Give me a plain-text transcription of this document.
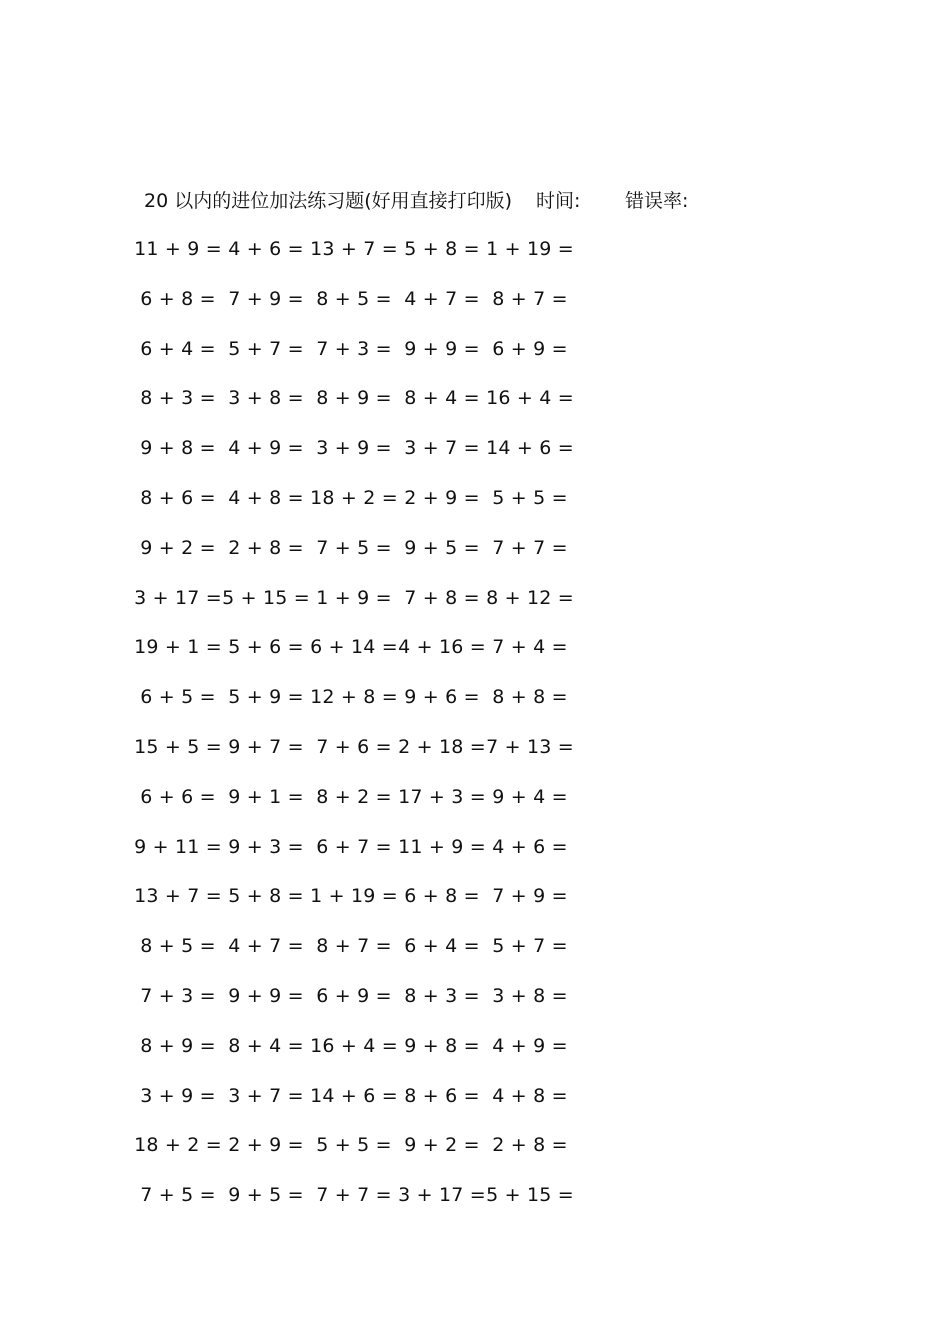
20 以内的进位加法练习题(好用直接打印版) 时间: 错误率:
11 + 9 = 4 + 6 = 13 + 7 = 5 + 8 = 1 + 19 =
6 + 8 = 7 + 9 = 8 + 5 = 4 + 7 = 8 + 7 =
6 + 4 = 5 + 7 = 7 + 3 = 9 + 9 = 6 + 9 =
8 + 3 = 3 + 8 = 8 + 9 = 8 + 4 = 16 + 4 =
9 + 8 = 4 + 9 = 3 + 9 = 3 + 7 = 14 + 6 =
8 + 6 = 4 + 8 = 18 + 2 = 2 + 9 = 5 + 5 =
9 + 2 = 2 + 8 = 7 + 5 = 9 + 5 = 7 + 7 =
3 + 17 = 5 + 15 = 1 + 9 = 7 + 8 = 8 + 12 =
19 + 1 = 5 + 6 = 6 + 14 = 4 + 16 = 7 + 4 =
6 + 5 = 5 + 9 = 12 + 8 = 9 + 6 = 8 + 8 =
15 + 5 = 9 + 7 = 7 + 6 = 2 + 18 = 7 + 13 =
6 + 6 = 9 + 1 = 8 + 2 = 17 + 3 = 9 + 4 =
9 + 11 = 9 + 3 = 6 + 7 = 11 + 9 = 4 + 6 =
13 + 7 = 5 + 8 = 1 + 19 = 6 + 8 = 7 + 9 =
8 + 5 = 4 + 7 = 8 + 7 = 6 + 4 = 5 + 7 =
7 + 3 = 9 + 9 = 6 + 9 = 8 + 3 = 3 + 8 =
8 + 9 = 8 + 4 = 16 + 4 = 9 + 8 = 4 + 9 =
3 + 9 = 3 + 7 = 14 + 6 = 8 + 6 = 4 + 8 =
18 + 2 = 2 + 9 = 5 + 5 = 9 + 2 = 2 + 8 =
7 + 5 = 9 + 5 = 7 + 7 = 3 + 17 = 5 + 15 =
